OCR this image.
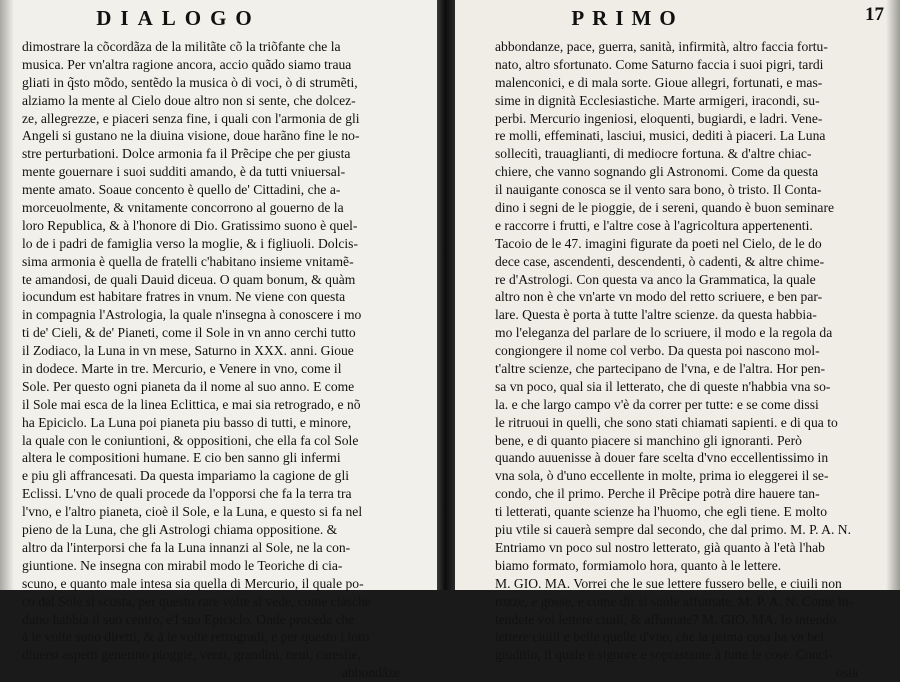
DIALOGO
dimostrare la cõcordãza de la militãte cõ la triõfante che la
musica. Per vn'altra ragione ancora, accio quãdo siamo traua
gliati in q̃sto mõdo, sentẽdo la musica ò di voci, ò di strumẽti,
alziamo la mente al Cielo doue altro non si sente, che dolcez-
ze, allegrezze, e piaceri senza fine, i quali con l'armonia de gli
Angeli si gustano ne la diuina visione, doue harãno fine le no-
stre perturbationi. Dolce armonia fa il Prẽcipe che per giusta
mente gouernare i suoi sudditi amando, è da tutti vniuersal-
mente amato. Soaue concento è quello de' Cittadini, che a-
morceuolmente, & vnitamente concorrono al gouerno de la
loro Republica, & à l'honore di Dio. Gratissimo suono è quel-
lo de i padri de famiglia verso la moglie, & i figliuoli. Dolcis-
sima armonia è quella de fratelli c'habitano insieme vnitamẽ-
te amandosi, de quali Dauid diceua. O quam bonum, & quàm
iocundum est habitare fratres in vnum. Ne viene con questa
in compagnia l'Astrologia, la quale n'insegna à conoscere i mo
ti de' Cieli, & de' Pianeti, come il Sole in vn anno cerchi tutto
il Zodiaco, la Luna in vn mese, Saturno in XXX. anni. Gioue
in dodece. Marte in tre. Mercurio, e Venere in vno, come il
Sole. Per questo ogni pianeta da il nome al suo anno. E come
il Sole mai esca de la linea Eclittica, e mai sia retrogrado, e nõ
ha Epiciclo. La Luna poi pianeta piu basso di tutti, e minore,
la quale con le coniuntioni, & oppositioni, che ella fa col Sole
altera le compositioni humane. E cio ben sanno gli infermi
e piu gli affrancesati. Da questa impariamo la cagione de gli
Eclissi. L'vno de quali procede da l'opporsi che fa la terra tra
l'vno, e l'altro pianeta, cioè il Sole, e la Luna, e questo si fa nel
pieno de la Luna, che gli Astrologi chiama oppositione. &
altro da l'interporsi che fa la Luna innanzi al Sole, ne la con-
giuntione. Ne insegna con mirabil modo le Teoriche di cia-
scuno, e quanto male intesa sia quella di Mercurio, il quale po-
co dal Sole si scosta, per questo rare volte si vede, come ciasche
duno habbia il suo centro, e'l suo Epiciclo. Onde proceda che
à le volte sono diretti, & à le volte retrogradi, e per questo i loro
diuersi aspetti generino pioggie, venti, grandini, neui, careslie,
abbondãze
PRIMO	17
abbondanze, pace, guerra, sanità, infirmità, altro faccia fortu-
nato, altro sfortunato. Come Saturno faccia i suoi pigri, tardi
malenconici, e di mala sorte. Gioue allegri, fortunati, e mas-
sime in dignità Ecclesiastiche. Marte armigeri, iracondi, su-
perbi. Mercurio ingeniosi, eloquenti, bugiardi, e ladri. Vene-
re molli, effeminati, lasciui, musici, dediti à piaceri. La Luna
sollecitì, trauaglianti, di mediocre fortuna. & d'altre chiac-
chiere, che vanno sognando gli Astronomi. Come da questa
il nauigante conosca se il vento sara bono, ò tristo. Il Conta-
dino i segni de le pioggie, de i sereni, quando è buon seminare
e raccorre i frutti, e l'altre cose à l'agricoltura appertenenti.
Tacoio de le 47. imagini figurate da poeti nel Cielo, de le do
dece case, ascendenti, descendenti, ò cadenti, & altre chime-
re d'Astrologi. Con questa va anco la Grammatica, la quale
altro non è che vn'arte vn modo del retto scriuere, e ben par-
lare. Questa è porta à tutte l'altre scienze. da questa habbia-
mo l'eleganza del parlare de lo scriuere, il modo e la regola da
congiongere il nome col verbo. Da questa poi nascono mol-
t'altre scienze, che partecipano de l'vna, e de l'altra. Hor pen-
sa vn poco, qual sia il letterato, che di queste n'habbia vna so-
la. e che largo campo v'è da correr per tutte: e se come dissi
le ritruoui in quelli, che sono stati chiamati sapienti. e di qua to
bene, e di quanto piacere si manchino gli ignoranti. Però
quando auuenisse à douer fare scelta d'vno eccellentissimo in
vna sola, ò d'uno eccellente in molte, prima io eleggerei il se-
condo, che il primo. Perche il Prẽcipe potrà dire hauere tan-
ti letterati, quante scienze ha l'huomo, che egli tiene. E molto
piu vtile si cauerà sempre dal secondo, che dal primo. M. P. A. N.
Entriamo vn poco sul nostro letterato, già quanto à l'età l'hab
biamo formato, formiamolo hora, quanto à le lettere.
M. GIO. MA. Vorrei che le sue lettere fussero belle, e ciuili non
rozze, e gosse, e come dir si suole affumate. M. P. A. N. Come in-
tendete voi lettere ciuili, & affumate? M. GIO. MA. Io intendo
lettere ciuili e belle quelle d'vno, che la prima cosa ha vn bel
giuditio, il quale è signore e soprastante à tutte le cose. Conci-
osia
